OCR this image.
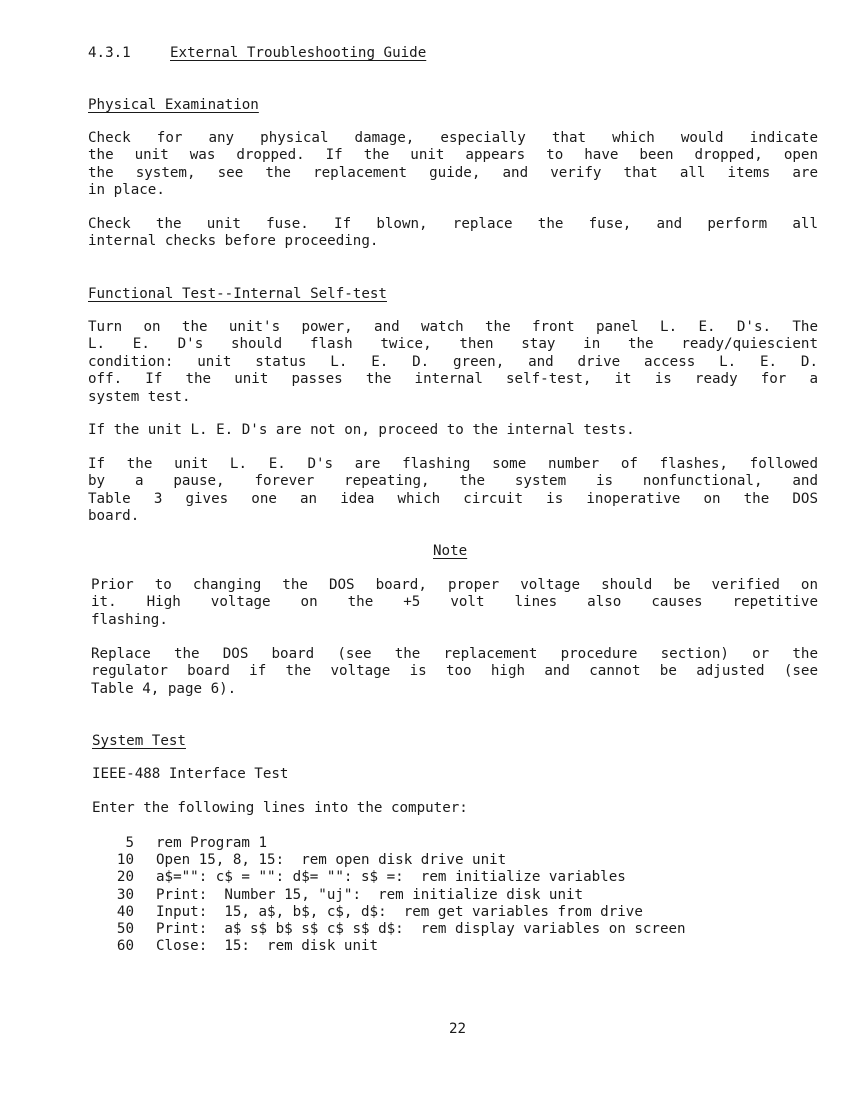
4.3.1	External Troubleshooting Guide
Physical Examination
Check for any physical damage, especially that which would indicate
the unit was dropped. If the unit appears to have been dropped, open
the system, see the replacement guide, and verify that all items are
in place.
Check the unit fuse. If blown, replace the fuse, and perform all
internal checks before proceeding.
Functional Test--Internal Self-test
Turn on the unit's power, and watch the front panel L. E. D's. The
L. E. D's should flash twice, then stay in the ready/quiescient
condition: unit status L. E. D. green, and drive access L. E. D.
off. If the unit passes the internal self-test, it is ready for a
system test.
If the unit L. E. D's are not on, proceed to the internal tests.
If the unit L. E. D's are flashing some number of flashes, followed
by a pause, forever repeating, the system is nonfunctional, and
Table 3 gives one an idea which circuit is inoperative on the DOS
board.
Note
Prior to changing the DOS board, proper voltage should be verified on
it. High voltage on the +5 volt lines also causes repetitive
flashing.
Replace the DOS board (see the replacement procedure section) or the
regulator board if the voltage is too high and cannot be adjusted (see
Table 4, page 6).
System Test
IEEE-488 Interface Test
Enter the following lines into the computer:
5 rem Program 1
10 Open 15, 8, 15:  rem open disk drive unit
20 a$="": c$ = "": d$= "": s$ =:  rem initialize variables
30 Print:  Number 15, "uj":  rem initialize disk unit
40 Input:  15, a$, b$, c$, d$:  rem get variables from drive
50 Print:  a$ s$ b$ s$ c$ s$ d$:  rem display variables on screen
60 Close:  15:  rem disk unit
22
